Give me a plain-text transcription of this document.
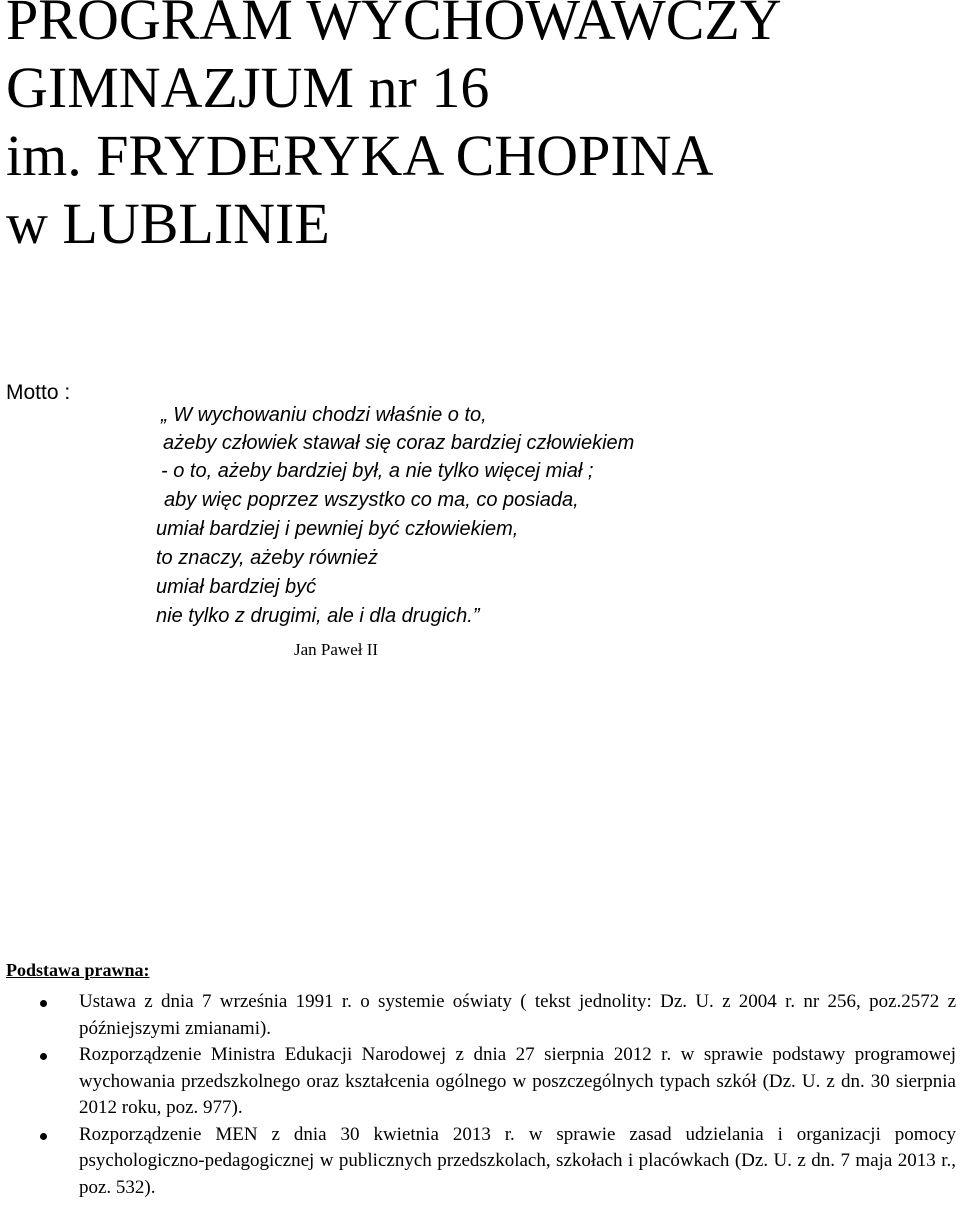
PROGRAM WYCHOWAWCZY
GIMNAZJUM nr 16
im. FRYDERYKA CHOPINA
w LUBLINIE
Motto :
„ W wychowaniu chodzi właśnie o to,
ażeby człowiek stawał się coraz bardziej człowiekiem
- o to, ażeby bardziej był, a nie tylko więcej miał ;
aby więc poprzez wszystko co ma, co posiada,
umiał bardziej i pewniej być człowiekiem,
to znaczy, ażeby również
umiał bardziej być
nie tylko z drugimi, ale i dla drugich.”
Jan Paweł II
Podstawa prawna:
Ustawa z dnia 7 września 1991 r. o systemie oświaty ( tekst jednolity: Dz. U. z 2004 r. nr 256, poz.2572 z późniejszymi zmianami).
Rozporządzenie Ministra Edukacji Narodowej z dnia 27 sierpnia 2012 r. w sprawie podstawy programowej wychowania przedszkolnego oraz kształcenia ogólnego w poszczególnych typach szkół (Dz. U. z dn. 30 sierpnia 2012 roku, poz. 977).
Rozporządzenie MEN z dnia 30 kwietnia 2013 r. w sprawie zasad udzielania i organizacji pomocy psychologiczno-pedagogicznej w publicznych przedszkolach, szkołach i placówkach (Dz. U. z dn. 7 maja 2013 r., poz. 532).
